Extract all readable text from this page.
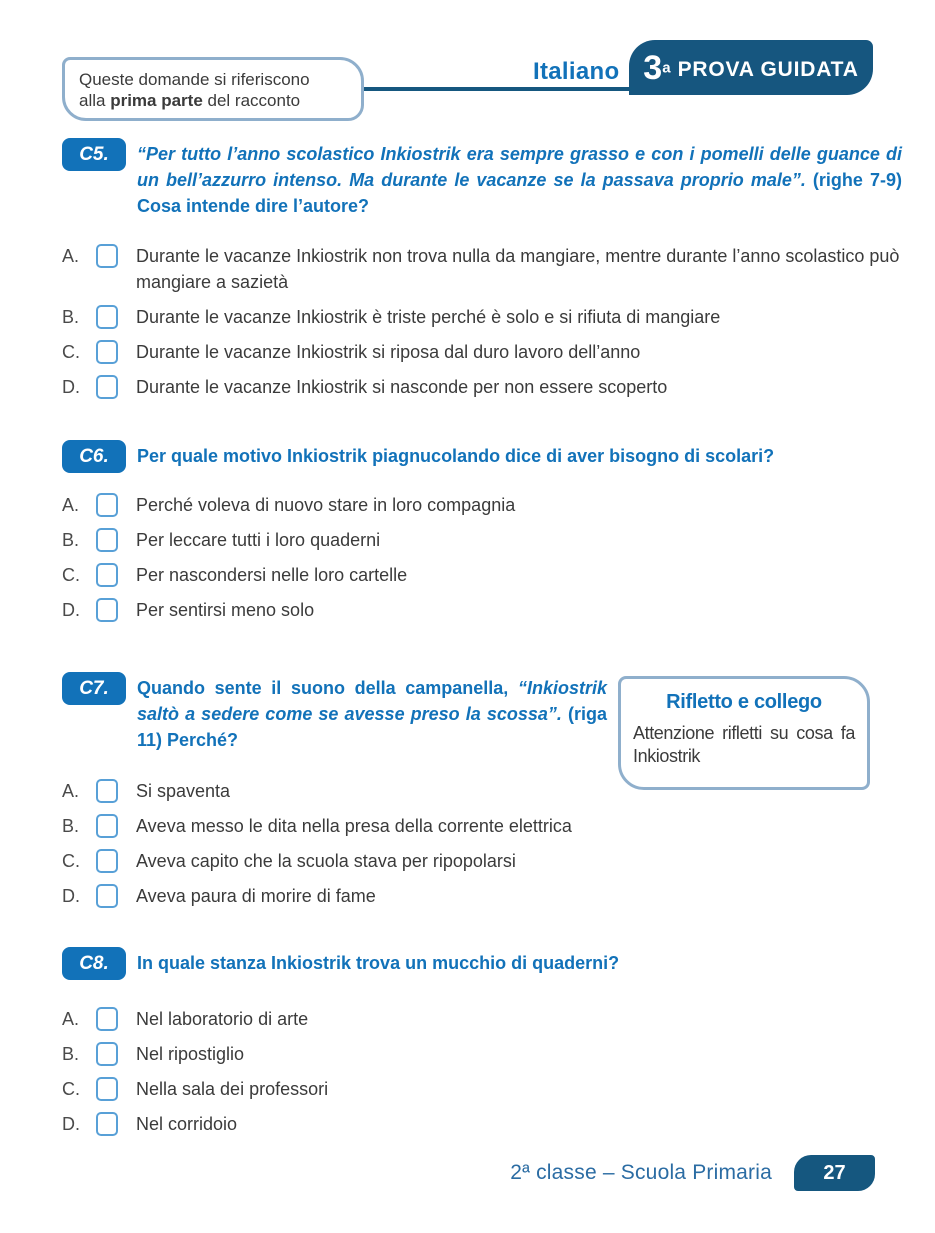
Queste domande si riferiscono
alla prima parte del racconto
Italiano 3$^a$ PROVA GUIDATA
C5.	“Per tutto l’anno scolastico Inkiostrik era sempre grasso e con i pomelli delle guance di un bell’azzurro intenso. Ma durante le vacanze se la passava proprio male”. (righe 7-9) Cosa intende dire l’autore?
A.	Durante le vacanze Inkiostrik non trova nulla da mangiare, mentre durante l’anno scolastico può mangiare a sazietà
B.	Durante le vacanze Inkiostrik è triste perché è solo e si rifiuta di mangiare
C.	Durante le vacanze Inkiostrik si riposa dal duro lavoro dell’anno
D.	Durante le vacanze Inkiostrik si nasconde per non essere scoperto
C6.	Per quale motivo Inkiostrik piagnucolando dice di aver bisogno di scolari?
A.	Perché voleva di nuovo stare in loro compagnia
B.	Per leccare tutti i loro quaderni
C.	Per nascondersi nelle loro cartelle
D.	Per sentirsi meno solo
C7.	Quando sente il suono della campanella, “Inkiostrik saltò a sedere come se avesse preso la scossa”. (riga 11) Perché?
Rifletto e collego
Attenzione rifletti su cosa fa Inkiostrik
A.	Si spaventa
B.	Aveva messo le dita nella presa della corrente elettrica
C.	Aveva capito che la scuola stava per ripopolarsi
D.	Aveva paura di morire di fame
C8.	In quale stanza Inkiostrik trova un mucchio di quaderni?
A.	Nel laboratorio di arte
B.	Nel ripostiglio
C.	Nella sala dei professori
D.	Nel corridoio
2ª classe – Scuola Primaria	27
